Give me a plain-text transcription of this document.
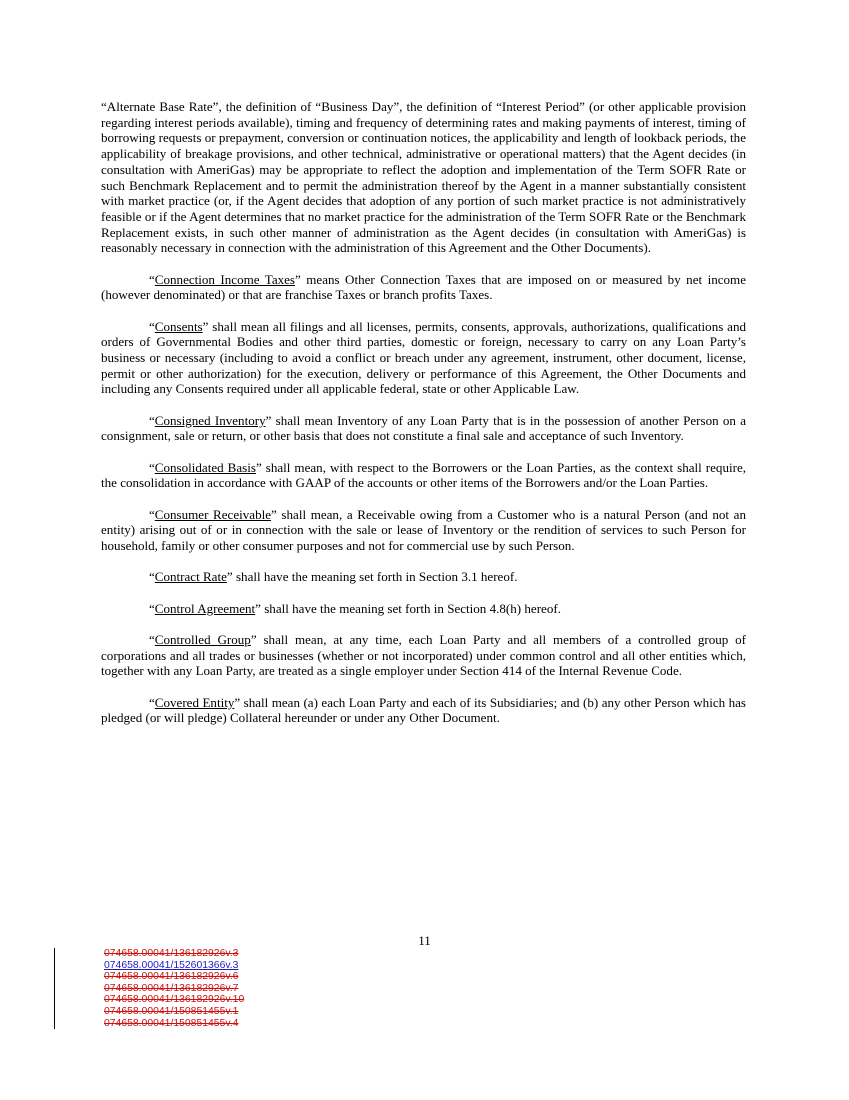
“Alternate Base Rate”, the definition of “Business Day”, the definition of “Interest Period” (or other applicable provision regarding interest periods available), timing and frequency of determining rates and making payments of interest, timing of borrowing requests or prepayment, conversion or continuation notices, the applicability and length of lookback periods, the applicability of breakage provisions, and other technical, administrative or operational matters) that the Agent decides (in consultation with AmeriGas) may be appropriate to reflect the adoption and implementation of the Term SOFR Rate or such Benchmark Replacement and to permit the administration thereof by the Agent in a manner substantially consistent with market practice (or, if the Agent decides that adoption of any portion of such market practice is not administratively feasible or if the Agent determines that no market practice for the administration of the Term SOFR Rate or the Benchmark Replacement exists, in such other manner of administration as the Agent decides (in consultation with AmeriGas) is reasonably necessary in connection with the administration of this Agreement and the Other Documents).

“Connection Income Taxes” means Other Connection Taxes that are imposed on or measured by net income (however denominated) or that are franchise Taxes or branch profits Taxes.

“Consents” shall mean all filings and all licenses, permits, consents, approvals, authorizations, qualifications and orders of Governmental Bodies and other third parties, domestic or foreign, necessary to carry on any Loan Party’s business or necessary (including to avoid a conflict or breach under any agreement, instrument, other document, license, permit or other authorization) for the execution, delivery or performance of this Agreement, the Other Documents and including any Consents required under all applicable federal, state or other Applicable Law.

“Consigned Inventory” shall mean Inventory of any Loan Party that is in the possession of another Person on a consignment, sale or return, or other basis that does not constitute a final sale and acceptance of such Inventory.

“Consolidated Basis” shall mean, with respect to the Borrowers or the Loan Parties, as the context shall require, the consolidation in accordance with GAAP of the accounts or other items of the Borrowers and/or the Loan Parties.

“Consumer Receivable” shall mean, a Receivable owing from a Customer who is a natural Person (and not an entity) arising out of or in connection with the sale or lease of Inventory or the rendition of services to such Person for household, family or other consumer purposes and not for commercial use by such Person.

“Contract Rate” shall have the meaning set forth in Section 3.1 hereof.

“Control Agreement” shall have the meaning set forth in Section 4.8(h) hereof.

“Controlled Group” shall mean, at any time, each Loan Party and all members of a controlled group of corporations and all trades or businesses (whether or not incorporated) under common control and all other entities which, together with any Loan Party, are treated as a single employer under Section 414 of the Internal Revenue Code.

“Covered Entity” shall mean (a) each Loan Party and each of its Subsidiaries; and (b) any other Person which has pledged (or will pledge) Collateral hereunder or under any Other Document.

11
074658.00041/136182926v.3
074658.00041/152601366v.3
074658.00041/136182926v.6
074658.00041/136182926v.7
074658.00041/136182926v.10
074658.00041/150851455v.1
074658.00041/150851455v.4
